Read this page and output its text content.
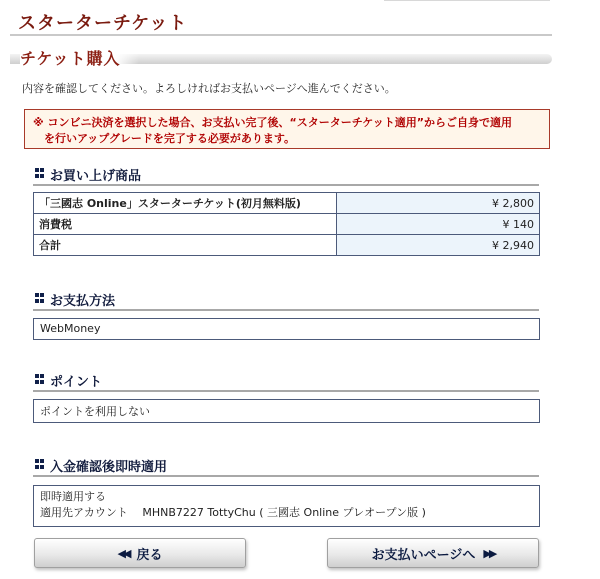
スターターチケット
チケット購入
内容を確認してください。よろしければお支払いページへ進んでください。
※ コンビニ決済を選択した場合、お支払い完了後、“スターターチケット適用”からご自身で適用
を行いアップグレードを完了する必要があります。
お買い上げ商品
「三國志 Online」スターターチケット(初月無料版)	¥ 2,800
消費税	¥ 140
合計	¥ 2,940
お支払方法
WebMoney
ポイント
ポイントを利用しない
入金確認後即時適用
即時適用する
適用先アカウント　 MHNB7227 TottyChu ( 三國志 Online プレオープン版 )
◀◀ 戻る	お支払いページへ ▶▶
